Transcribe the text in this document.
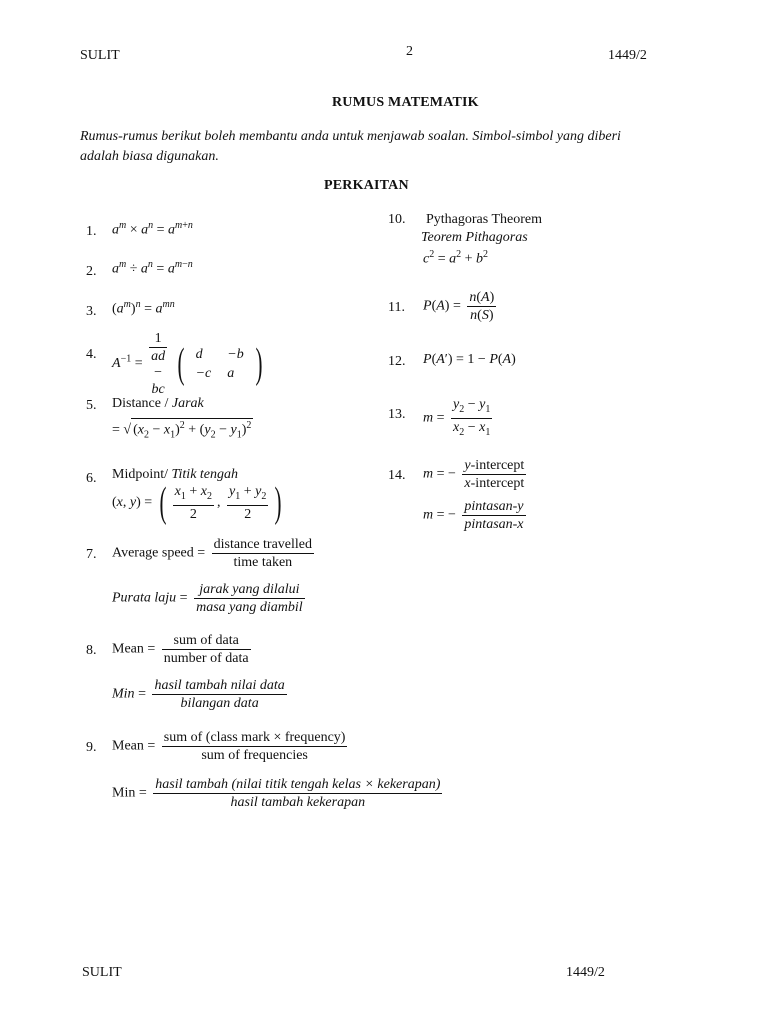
SULIT	2	1449/2
RUMUS MATEMATIK
Rumus-rumus berikut boleh membantu anda untuk menjawab soalan. Simbol-simbol yang diberi adalah biasa digunakan.
PERKAITAN
1. $a^m \times a^n = a^{m+n}$
2. $a^m \div a^n = a^{m-n}$
3. $(a^m)^n = a^{mn}$
4.
$A^{-1}$ =
1
ad
−
bc
( d	−b
−c	a )
5. Distance / Jarak
= √ $(x_2 - x_1)^2 + (y_2 - y_1)^2$
6. Midpoint/ Titik tengah
(x, y) = ( $\frac{x_1 + x_2}{2}$ , $\frac{y_1 + y_2}{2}$ )
7. Average speed = $\frac{\text{distance travelled}}{\text{time taken}}$
Purata laju = $\frac{\text{jarak yang dilalui}}{\text{masa yang diambil}}$
8. Mean = $\frac{\text{sum of data}}{\text{number of data}}$
Min = $\frac{\text{hasil tambah nilai data}}{\text{bilangan data}}$
9. Mean = $\frac{\text{sum of (class mark × frequency)}}{\text{sum of frequencies}}$
Min = $\frac{\text{hasil tambah (nilai titik tengah kelas × kekerapan)}}{\text{hasil tambah kekerapan}}$
10. Pythagoras Theorem
Teorem Pithagoras
$c^2 = a^2 + b^2$
11. $P(A) = \frac{n(A)}{n(S)}$
12. P(A′) = 1 − P(A)
13. $m = \frac{y_2 - y_1}{x_2 - x_1}$
14. m = − $\frac{\text{y-intercept}}{\text{x-intercept}}$
m = − $\frac{\text{pintasan-y}}{\text{pintasan-x}}$
SULIT	1449/2
